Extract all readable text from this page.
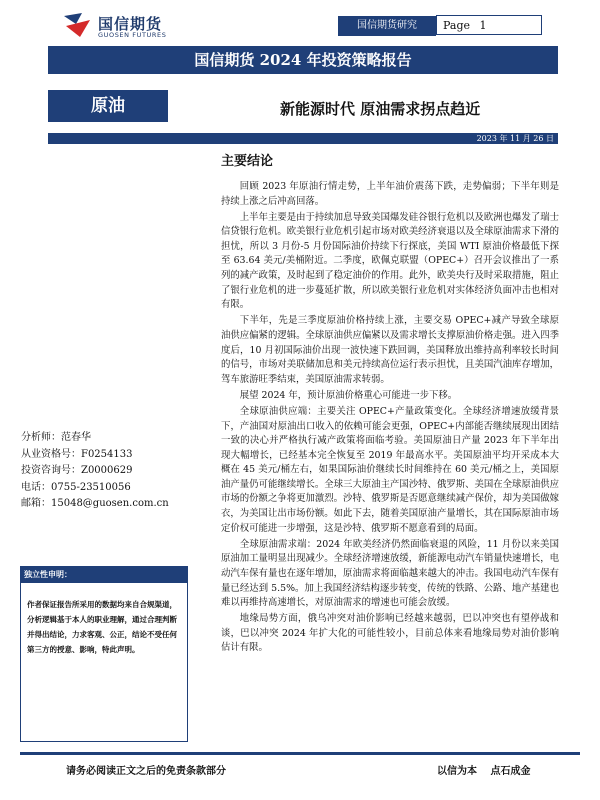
国信期货
GUOSEN FUTURES
国信期货研究	Page 1
国信期货 2024 年投资策略报告
原油	新能源时代 原油需求拐点趋近
2023 年 11 月 26 日
主要结论

回顾 2023 年原油行情走势，上半年油价震荡下跌，走势偏弱；下半年则是持续上涨之后冲高回落。

上半年主要是由于持续加息导致美国爆发硅谷银行危机以及欧洲也爆发了瑞士信贷银行危机。欧美银行业危机引起市场对欧美经济衰退以及全球原油需求下滑的担忧，所以 3 月份-5 月份国际油价持续下行探底，美国 WTI 原油价格最低下探至 63.64 美元/美桶附近。二季度，欧佩克联盟（OPEC+）召开会议推出了一系列的减产政策，及时起到了稳定油价的作用。此外，欧美央行及时采取措施，阻止了银行业危机的进一步蔓延扩散，所以欧美银行业危机对实体经济负面冲击也相对有限。

下半年，先是三季度原油价格持续上涨，主要交易 OPEC+减产导致全球原油供应偏紧的逻辑。全球原油供应偏紧以及需求增长支撑原油价格走强。进入四季度后，10 月初国际油价出现一波快速下跌回调，美国释放出维持高利率较长时间的信号，市场对美联储加息和美元持续高位运行表示担忧，且美国汽油库存增加，驾车旅游旺季结束，美国原油需求转弱。

展望 2024 年，预计原油价格重心可能进一步下移。

全球原油供应端：主要关注 OPEC+产量政策变化。全球经济增速放缓背景下，产油国对原油出口收入的依赖可能会更强，OPEC+内部能否继续展现出团结一致的决心并严格执行减产政策将面临考验。美国原油日产量 2023 年下半年出现大幅增长，已经基本完全恢复至 2019 年最高水平。美国原油平均开采成本大概在 45 美元/桶左右，如果国际油价继续长时间维持在 60 美元/桶之上，美国原油产量仍可能继续增长。全球三大原油主产国沙特、俄罗斯、美国在全球原油供应市场的份额之争将更加激烈。沙特、俄罗斯是否愿意继续减产保价，却为美国做嫁衣，为美国让出市场份额。如此下去，随着美国原油产量增长，其在国际原油市场定价权可能进一步增强，这是沙特、俄罗斯不愿意看到的局面。

全球原油需求端：2024 年欧美经济仍然面临衰退的风险，11 月份以来美国原油加工量明显出现减少。全球经济增速放缓，新能源电动汽车销量快速增长，电动汽车保有量也在逐年增加，原油需求将面临越来越大的冲击。我国电动汽车保有量已经达到 5.5%。加上我国经济结构逐步转变，传统的铁路、公路、地产基建也难以再维持高速增长，对原油需求的增速也可能会放缓。

地缘局势方面，俄乌冲突对油价影响已经越来越弱，巴以冲突也有望停战和谈，巴以冲突 2024 年扩大化的可能性较小，目前总体来看地缘局势对油价影响估计有限。

分析师：范春华
从业资格号：F0254133
投资咨询号：Z0000629
电话：0755-23510056
邮箱：15048@guosen.com.cn
独立性申明：
作者保证报告所采用的数据均来自合规渠道，分析逻辑基于本人的职业理解，通过合理判断并得出结论，力求客观、公正，结论不受任何第三方的授意、影响，特此声明。
请务必阅读正文之后的免责条款部分	以信为本 点石成金
